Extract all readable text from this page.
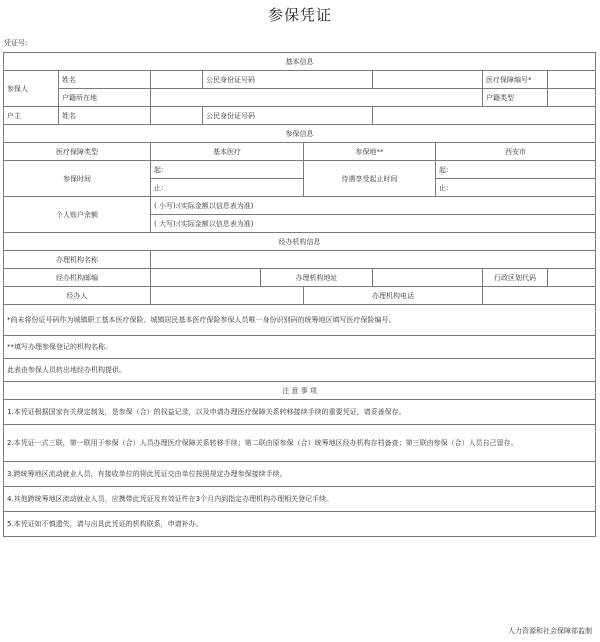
参保凭证
凭证号:
基本信息									
参保人	姓名		公民身份证号码					医疗保障编号*	
	户籍所在地							户籍类型	
户主	姓名		公民身份证号码						
参保信息									
医疗保障类型		基本医疗			参保地**		西安市		
参保时间		起:			待遇享受起止时间		起:		
		止:					止:		
个人账户余额		( 小写):(实际金额以信息表为准)							
		( 大写):(实际金额以信息表为准)							
经办机构信息									
办理机构名称									
经办机构邮编				办理机构地址				行政区划代码	
经办人					办理机构电话				
*尚未将份证号码作为城镇职工基本医疗保险、城镇居民基本医疗保险参保人员唯一身份识别码的统筹地区填写医疗保险编号。									
**填写办理参保登记的机构名称。									
此表由参保人员转出地经办机构提供。									
注 意 事 项									
1.本凭证根据国家有关规定制发，是参保（合）的权益记录，以及申请办理医疗保障关系转移接续手续的重要凭证，请妥善保存。									
2.本凭证一式三联，第一联用于参保（合）人员办理医疗保障关系转移手续；第二联由原参保（合）统筹地区经办机构存档备查；第三联由参保（合）人员自己留存。									
3.跨统筹地区流动就业人员，有接收单位的将此凭证交由单位按照规定办理参保接续手续。									
4.其他跨统筹地区流动就业人员，应携带此凭证及有效证件在3个月内到指定办理机构办理相关登记手续。									
5.本凭证如不慎遗失，请与出具此凭证的机构联系，申请补办。									
人力资源和社会保障部监制
